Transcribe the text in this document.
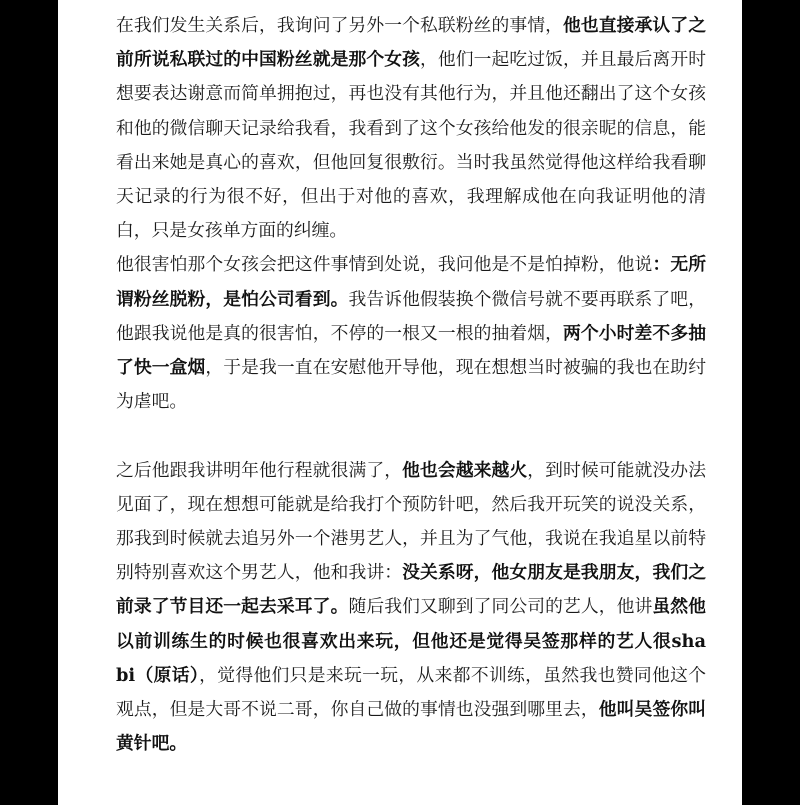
在我们发生关系后，我询问了另外一个私联粉丝的事情，他也直接承认了之前所说私联过的中国粉丝就是那个女孩，他们一起吃过饭，并且最后离开时想要表达谢意而简单拥抱过，再也没有其他行为，并且他还翻出了这个女孩和他的微信聊天记录给我看，我看到了这个女孩给他发的很亲昵的信息，能看出来她是真心的喜欢，但他回复很敷衍。当时我虽然觉得他这样给我看聊天记录的行为很不好，但出于对他的喜欢，我理解成他在向我证明他的清白，只是女孩单方面的纠缠。

他很害怕那个女孩会把这件事情到处说，我问他是不是怕掉粉，他说：无所谓粉丝脱粉，是怕公司看到。我告诉他假装换个微信号就不要再联系了吧，他跟我说他是真的很害怕，不停的一根又一根的抽着烟，两个小时差不多抽了快一盒烟，于是我一直在安慰他开导他，现在想想当时被骗的我也在助纣为虐吧。

之后他跟我讲明年他行程就很满了，他也会越来越火，到时候可能就没办法见面了，现在想想可能就是给我打个预防针吧，然后我开玩笑的说没关系，那我到时候就去追另外一个港男艺人，并且为了气他，我说在我追星以前特别特别喜欢这个男艺人，他和我讲：没关系呀，他女朋友是我朋友，我们之前录了节目还一起去采耳了。随后我们又聊到了同公司的艺人，他讲虽然他以前训练生的时候也很喜欢出来玩，但他还是觉得吴签那样的艺人很sha bi（原话），觉得他们只是来玩一玩，从来都不训练，虽然我也赞同他这个观点，但是大哥不说二哥，你自己做的事情也没强到哪里去，他叫吴签你叫黄针吧。
